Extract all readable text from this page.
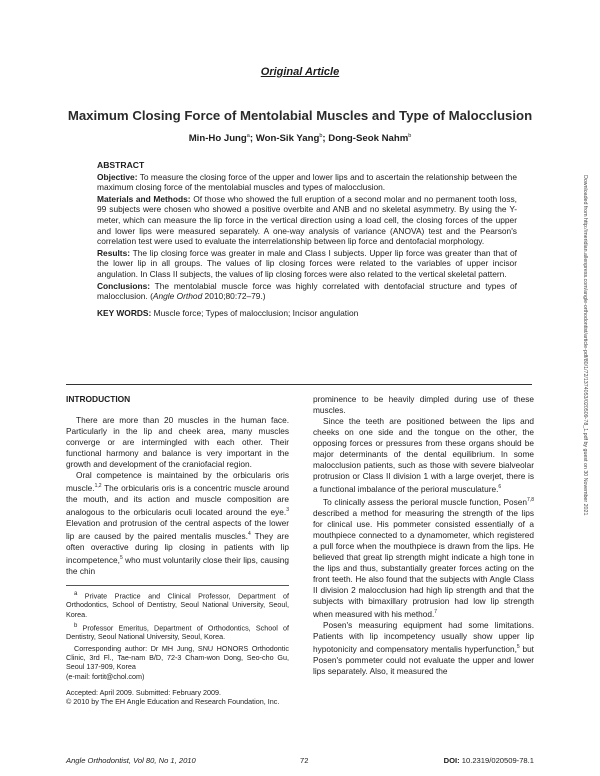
Original Article
Maximum Closing Force of Mentolabial Muscles and Type of Malocclusion
Min-Ho Jung$^a$; Won-Sik Yang$^b$; Dong-Seok Nahm$^b$
ABSTRACT

Objective: To measure the closing force of the upper and lower lips and to ascertain the relationship between the maximum closing force of the mentolabial muscles and types of malocclusion.

Materials and Methods: Of those who showed the full eruption of a second molar and no permanent tooth loss, 99 subjects were chosen who showed a positive overbite and ANB and no skeletal asymmetry. By using the Y-meter, which can measure the lip force in the vertical direction using a load cell, the closing forces of the upper and lower lips were measured separately. A one-way analysis of variance (ANOVA) test and the Pearson's correlation test were used to evaluate the interrelationship between lip force and dentofacial morphology.

Results: The lip closing force was greater in male and Class I subjects. Upper lip force was greater than that of the lower lip in all groups. The values of lip closing forces were related to the variables of upper incisor angulation. In Class II subjects, the values of lip closing forces were also related to the vertical skeletal pattern.

Conclusions: The mentolabial muscle force was highly correlated with dentofacial structure and types of malocclusion. (Angle Orthod 2010;80:72–79.)

KEY WORDS: Muscle force; Types of malocclusion; Incisor angulation

INTRODUCTION

There are more than 20 muscles in the human face. Particularly in the lip and cheek area, many muscles converge or are intermingled with each other. Their functional harmony and balance is very important in the growth and development of the craniofacial region.

Oral competence is maintained by the orbicularis oris muscle.$^{1,2}$ The orbicularis oris is a concentric muscle around the mouth, and its action and muscle composition are analogous to the orbicularis oculi located around the eye.$^3$ Elevation and protrusion of the central aspects of the lower lip are caused by the paired mentalis muscles.$^4$ They are often overactive during lip closing in patients with lip incompetence,$^5$ who must voluntarily close their lips, causing the chin

$^a$ Private Practice and Clinical Professor, Department of Orthodontics, School of Dentistry, Seoul National University, Seoul, Korea.

$^b$ Professor Emeritus, Department of Orthodontics, School of Dentistry, Seoul National University, Seoul, Korea.

Corresponding author: Dr MH Jung, SNU HONORS Orthodontic Clinic, 3rd Fl., Tae-nam B/D, 72-3 Cham-won Dong, Seo-cho Gu, Seoul 137-909, Korea
(e-mail: fortit@chol.com)

Accepted: April 2009. Submitted: February 2009.
© 2010 by The EH Angle Education and Research Foundation, Inc.

prominence to be heavily dimpled during use of these muscles.

Since the teeth are positioned between the lips and cheeks on one side and the tongue on the other, the opposing forces or pressures from these organs should be major determinants of the dental equilibrium. In some malocclusion patients, such as those with severe bialveolar protrusion or Class II division 1 with a large overjet, there is a functional imbalance of the perioral musculature.$^6$

To clinically assess the perioral muscle function, Posen$^{7,8}$ described a method for measuring the strength of the lips for clinical use. His pommeter consisted essentially of a mouthpiece connected to a dynamometer, which registered a pull force when the mouthpiece is drawn from the lips. He believed that great lip strength might indicate a high tone in the lips and thus, substantially greater forces acting on the front teeth. He also found that the subjects with Angle Class II division 2 malocclusion had high lip strength and that the subjects with bimaxillary protrusion had low lip strength when measured with his method.$^7$

Posen's measuring equipment had some limitations. Patients with lip incompetency usually show upper lip hypotonicity and compensatory mentalis hyperfunction,$^5$ but Posen's pommeter could not evaluate the upper and lower lips separately. Also, it measured the

Angle Orthodontist, Vol 80, No 1, 2010	72	DOI: 10.2319/020509-78.1
Downloaded from http://meridian.allenpress.com/angle-orthodontist/article-pdf/80/1/72/1374053/020509-78_1.pdf by guest on 30 November 2021
